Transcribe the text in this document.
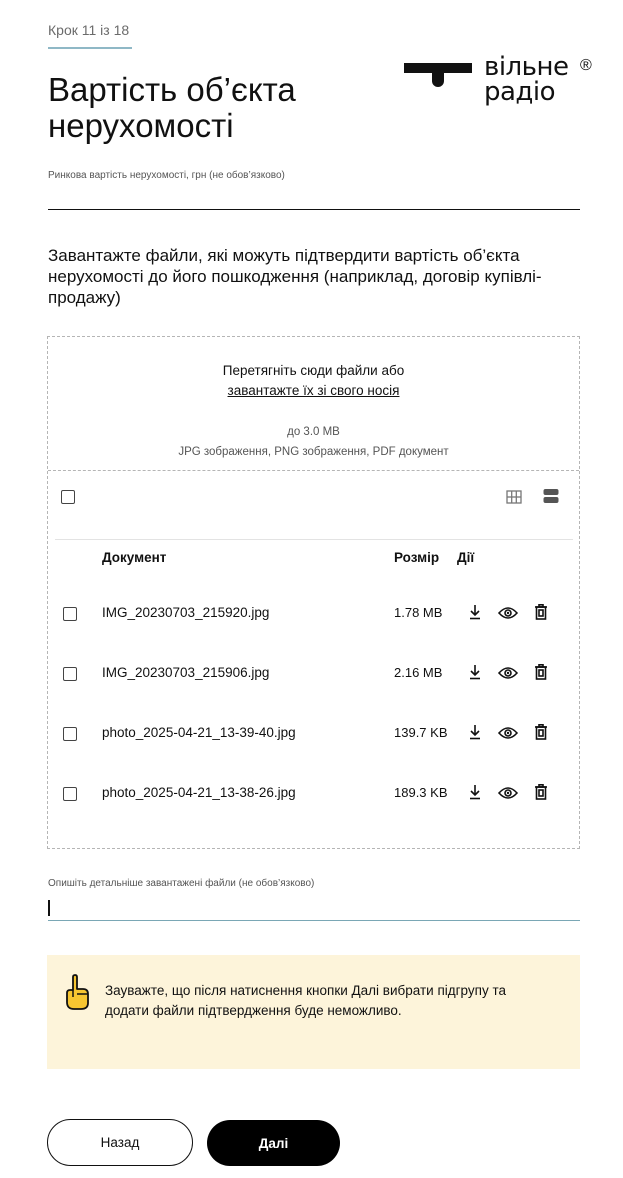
Крок 11 із 18
вільне
радіо
®
Вартість об’єкта нерухомості
Ринкова вартість нерухомості, грн (не обов’язково)
Завантажте файли, які можуть підтвердити вартість об’єкта нерухомості до його пошкодження (наприклад, договір купівлі-продажу)
Перетягніть сюди файли або
завантажте їх зі свого носія
до 3.0 MB
JPG зображення, PNG зображення, PDF документ
Документ	Розмір Дії
IMG_20230703_215920.jpg	1.78 MB
IMG_20230703_215906.jpg	2.16 MB
photo_2025-04-21_13-39-40.jpg	139.7 KB
photo_2025-04-21_13-38-26.jpg	189.3 KB
Опишіть детальніше завантажені файли (не обов’язково)
Зауважте, що після натиснення кнопки Далі вибрати підгрупу та додати файли підтвердження буде неможливо.
Назад	Далі
